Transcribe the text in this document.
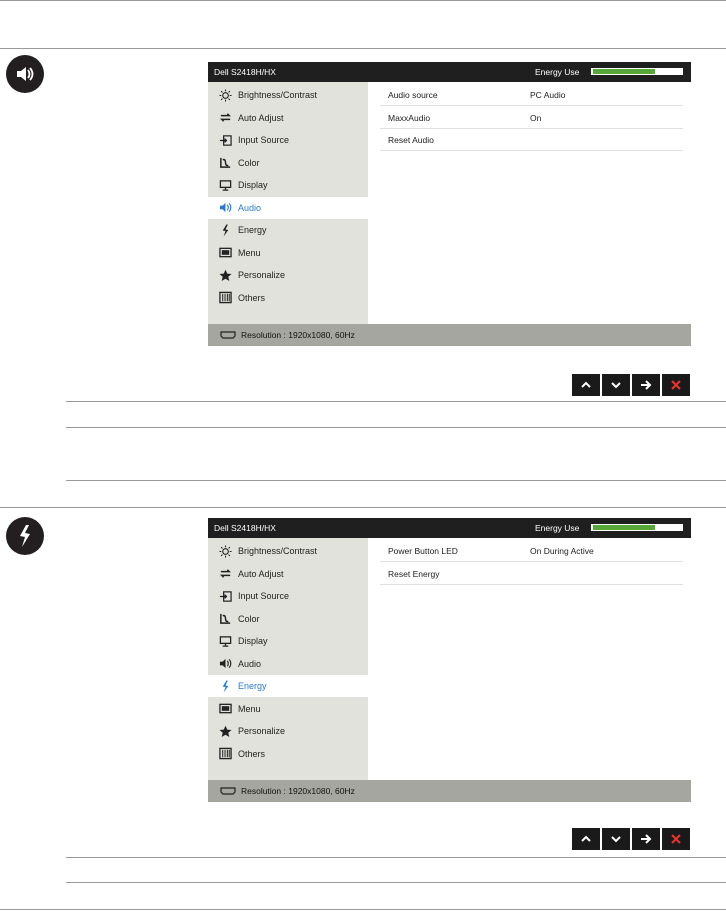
Dell S2418H/HX	Energy Use
Brightness/Contrast
Auto Adjust
Input Source
Color
Display
Audio
Energy
Menu
Personalize
Others
Audio source	PC Audio
MaxxAudio	On
Reset Audio
Resolution : 1920x1080, 60Hz
Dell S2418H/HX	Energy Use
Brightness/Contrast
Auto Adjust
Input Source
Color
Display
Audio
Energy
Menu
Personalize
Others
Power Button LED	On During Active
Reset Energy
Resolution : 1920x1080, 60Hz
